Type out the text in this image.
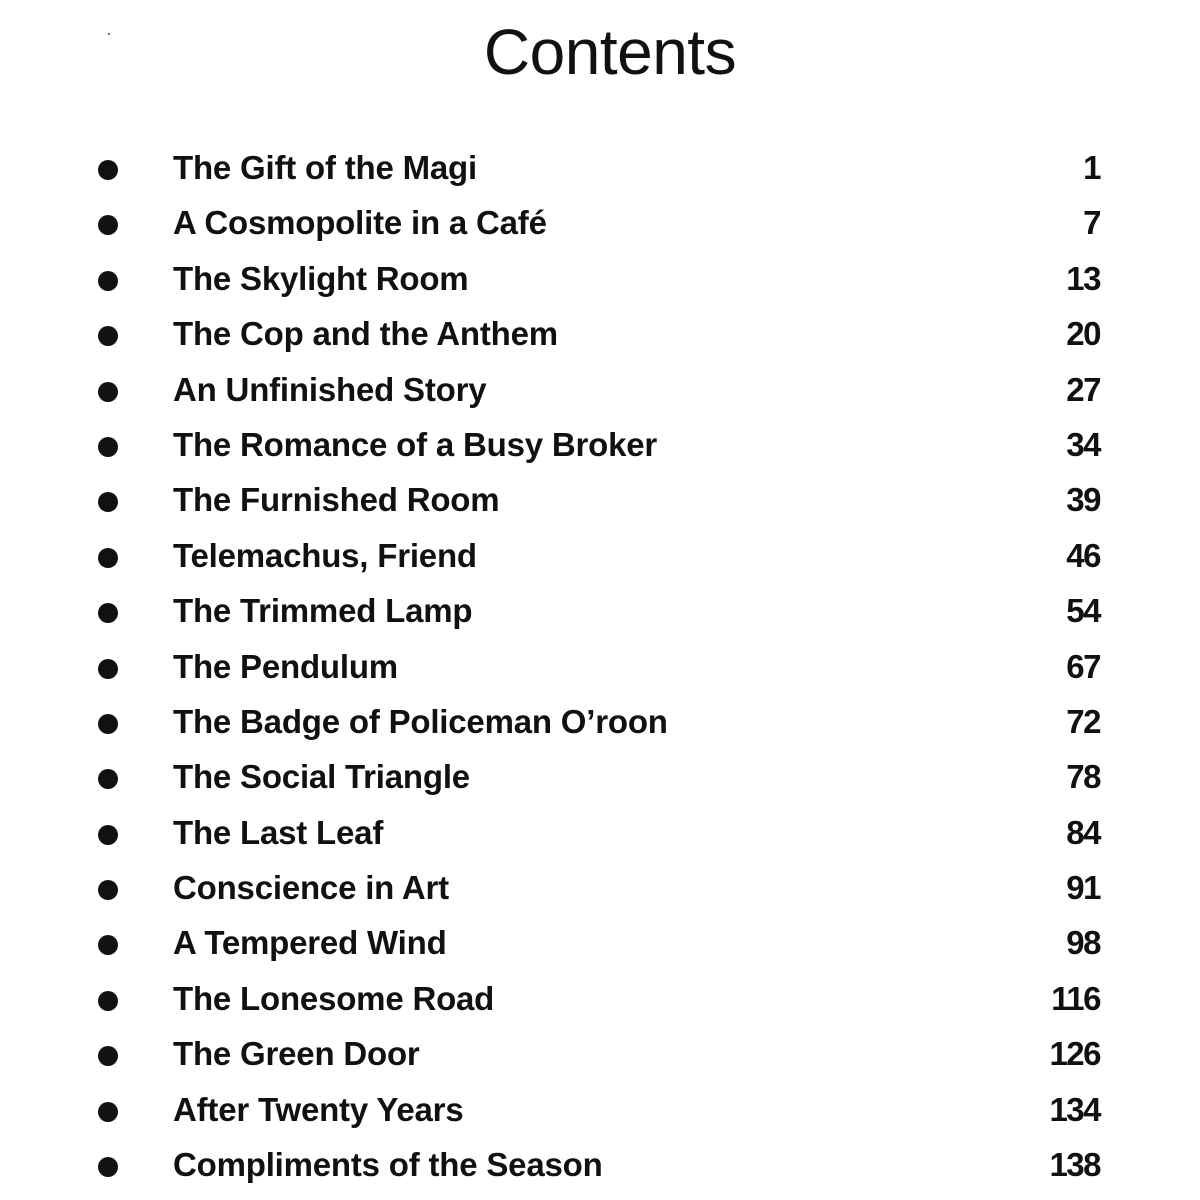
Contents
The Gift of the Magi	1
A Cosmopolite in a Café	7
The Skylight Room	13
The Cop and the Anthem	20
An Unfinished Story	27
The Romance of a Busy Broker	34
The Furnished Room	39
Telemachus, Friend	46
The Trimmed Lamp	54
The Pendulum	67
The Badge of Policeman O’roon	72
The Social Triangle	78
The Last Leaf	84
Conscience in Art	91
A Tempered Wind	98
The Lonesome Road	116
The Green Door	126
After Twenty Years	134
Compliments of the Season	138
